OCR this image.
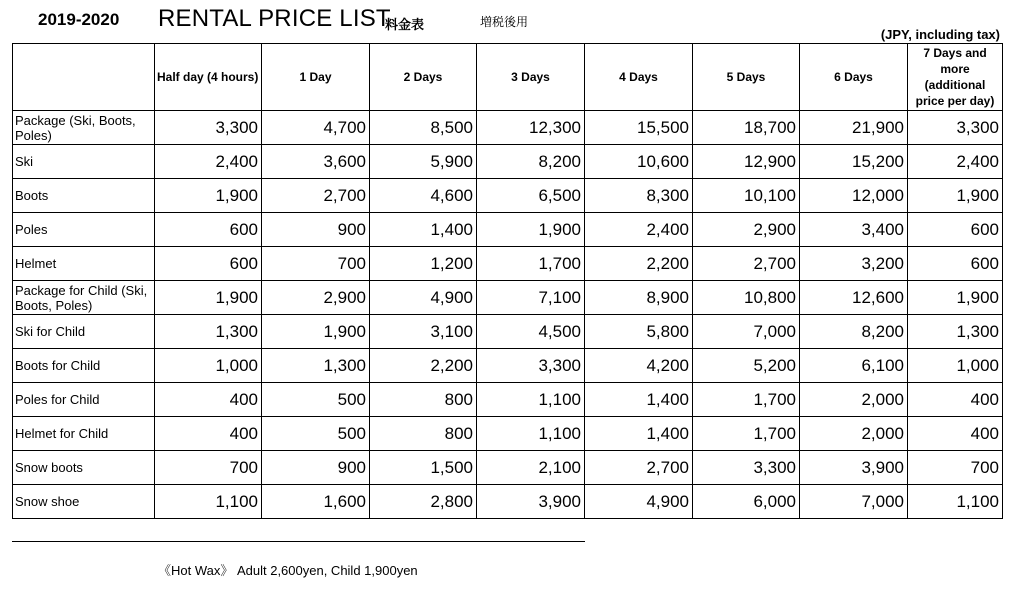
2019-2020 RENTAL PRICE LIST
料金表	増税後用
(JPY, including tax)
	Half day (4 hours)	1 Day	2 Days	3 Days	4 Days	5 Days	6 Days	7 Days and more (additional price per day)
Package (Ski, Boots, Poles)	3,300	4,700	8,500	12,300	15,500	18,700	21,900	3,300
Ski	2,400	3,600	5,900	8,200	10,600	12,900	15,200	2,400
Boots	1,900	2,700	4,600	6,500	8,300	10,100	12,000	1,900
Poles	600	900	1,400	1,900	2,400	2,900	3,400	600
Helmet	600	700	1,200	1,700	2,200	2,700	3,200	600
Package for Child (Ski, Boots, Poles)	1,900	2,900	4,900	7,100	8,900	10,800	12,600	1,900
Ski for Child	1,300	1,900	3,100	4,500	5,800	7,000	8,200	1,300
Boots for Child	1,000	1,300	2,200	3,300	4,200	5,200	6,100	1,000
Poles for Child	400	500	800	1,100	1,400	1,700	2,000	400
Helmet for Child	400	500	800	1,100	1,400	1,700	2,000	400
Snow boots	700	900	1,500	2,100	2,700	3,300	3,900	700
Snow shoe	1,100	1,600	2,800	3,900	4,900	6,000	7,000	1,100
《Hot Wax》 Adult 2,600yen, Child 1,900yen
